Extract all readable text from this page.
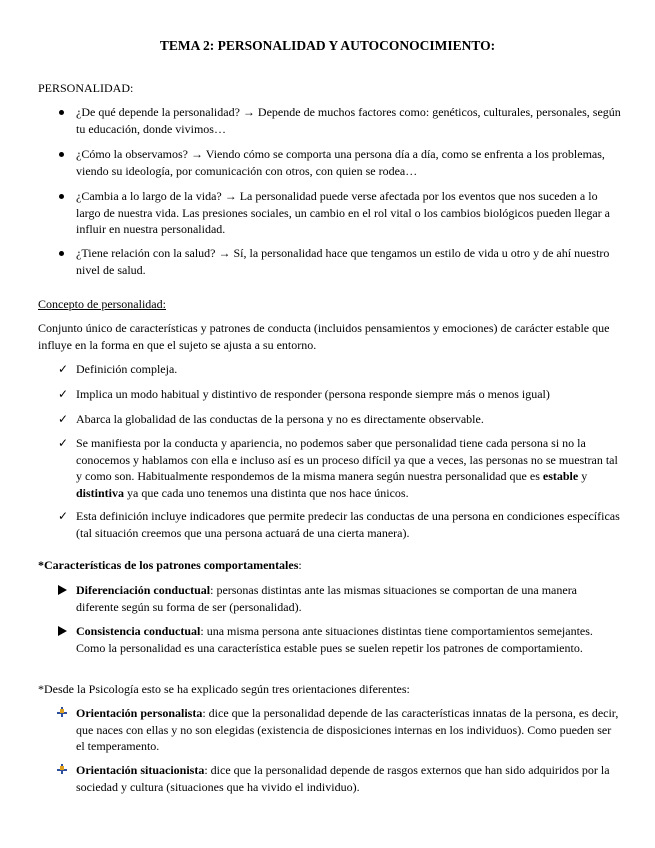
TEMA 2: PERSONALIDAD Y AUTOCONOCIMIENTO:
PERSONALIDAD:
¿De qué depende la personalidad? → Depende de muchos factores como: genéticos, culturales, personales, según tu educación, donde vivimos…
¿Cómo la observamos? → Viendo cómo se comporta una persona día a día, como se enfrenta a los problemas, viendo su ideología, por comunicación con otros, con quien se rodea…
¿Cambia a lo largo de la vida? → La personalidad puede verse afectada por los eventos que nos suceden a lo largo de nuestra vida. Las presiones sociales, un cambio en el rol vital o los cambios biológicos pueden llegar a influir en nuestra personalidad.
¿Tiene relación con la salud? → Sí, la personalidad hace que tengamos un estilo de vida u otro y de ahí nuestro nivel de salud.
Concepto de personalidad:
Conjunto único de características y patrones de conducta (incluidos pensamientos y emociones) de carácter estable que influye en la forma en que el sujeto se ajusta a su entorno.
✓ Definición compleja.
✓ Implica un modo habitual y distintivo de responder (persona responde siempre más o menos igual)
✓ Abarca la globalidad de las conductas de la persona y no es directamente observable.
✓ Se manifiesta por la conducta y apariencia, no podemos saber que personalidad tiene cada persona si no la conocemos y hablamos con ella e incluso así es un proceso difícil ya que a veces, las personas no se muestran tal y como son. Habitualmente respondemos de la misma manera según nuestra personalidad que es estable y distintiva ya que cada uno tenemos una distinta que nos hace únicos.
✓ Esta definición incluye indicadores que permite predecir las conductas de una persona en condiciones específicas (tal situación creemos que una persona actuará de una cierta manera).
*Características de los patrones comportamentales:
Diferenciación conductual: personas distintas ante las mismas situaciones se comportan de una manera diferente según su forma de ser (personalidad).
Consistencia conductual: una misma persona ante situaciones distintas tiene comportamientos semejantes. Como la personalidad es una característica estable pues se suelen repetir los patrones de comportamiento.
*Desde la Psicología esto se ha explicado según tres orientaciones diferentes:
Orientación personalista: dice que la personalidad depende de las características innatas de la persona, es decir, que naces con ellas y no son elegidas (existencia de disposiciones internas en los individuos). Como pueden ser el temperamento.
Orientación situacionista: dice que la personalidad depende de rasgos externos que han sido adquiridos por la sociedad y cultura (situaciones que ha vivido el individuo).
